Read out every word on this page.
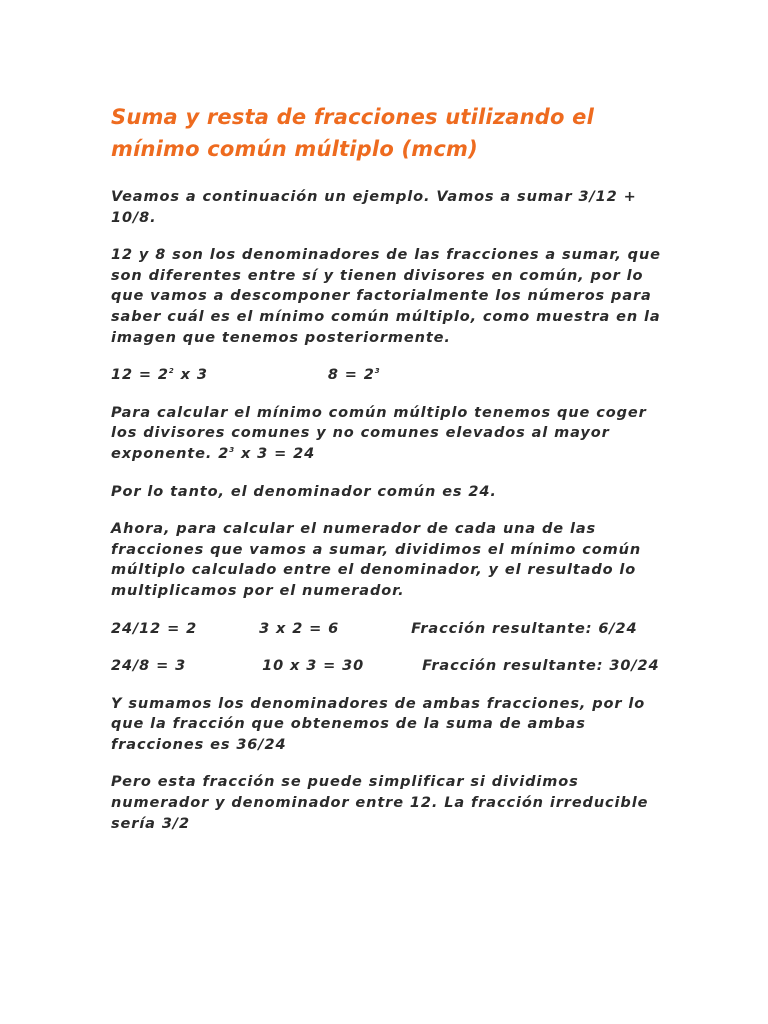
Suma y resta de fracciones utilizando el mínimo común múltiplo (mcm)

Veamos a continuación un ejemplo. Vamos a sumar 3/12 + 10/8.

12 y 8 son los denominadores de las fracciones a sumar, que son diferentes entre sí y tienen divisores en común, por lo que vamos a descomponer factorialmente los números para saber cuál es el mínimo común múltiplo, como muestra en la imagen que tenemos posteriormente.

$12 = 2^2$ x 3	$8 = 2^3$

Para calcular el mínimo común múltiplo tenemos que coger los divisores comunes y no comunes elevados al mayor exponente. $2^3$ x 3 = 24

Por lo tanto, el denominador común es 24.

Ahora, para calcular el numerador de cada una de las fracciones que vamos a sumar, dividimos el mínimo común múltiplo calculado entre el denominador, y el resultado lo multiplicamos por el numerador.

24/12 = 2	3 x 2 = 6	Fracción resultante: 6/24

24/8 = 3	10 x 3 = 30	Fracción resultante: 30/24

Y sumamos los denominadores de ambas fracciones, por lo que la fracción que obtenemos de la suma de ambas fracciones es 36/24

Pero esta fracción se puede simplificar si dividimos numerador y denominador entre 12. La fracción irreducible sería 3/2
